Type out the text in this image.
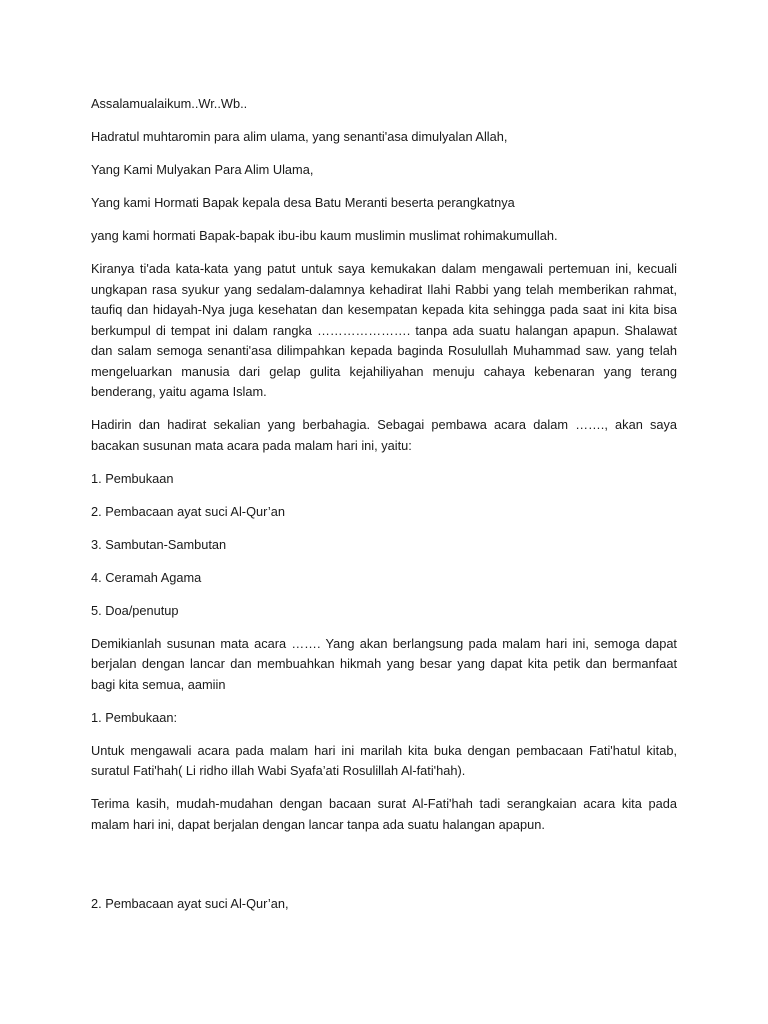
Assalamualaikum..Wr..Wb..

Hadratul muhtaromin para alim ulama, yang senanti'asa dimulyalan Allah,

Yang Kami Mulyakan Para Alim Ulama,

Yang kami Hormati Bapak kepala desa Batu Meranti beserta perangkatnya

yang kami hormati Bapak-bapak ibu-ibu kaum muslimin muslimat rohimakumullah.

Kiranya ti'ada kata-kata yang patut untuk saya kemukakan dalam mengawali pertemuan ini, kecuali ungkapan rasa syukur yang sedalam-dalamnya kehadirat Ilahi Rabbi yang telah memberikan rahmat, taufiq dan hidayah-Nya juga kesehatan dan kesempatan kepada kita sehingga pada saat ini kita bisa berkumpul di tempat ini dalam rangka …………………. tanpa ada suatu halangan apapun. Shalawat dan salam semoga senanti'asa dilimpahkan kepada baginda Rosulullah Muhammad saw. yang telah mengeluarkan manusia dari gelap gulita kejahiliyahan menuju cahaya kebenaran yang terang benderang, yaitu agama Islam.

Hadirin dan hadirat sekalian yang berbahagia. Sebagai pembawa acara dalam ……., akan saya bacakan susunan mata acara pada malam hari ini, yaitu:

1. Pembukaan

2. Pembacaan ayat suci Al-Qur’an

3. Sambutan-Sambutan

4. Ceramah Agama

5. Doa/penutup

Demikianlah susunan mata acara ……. Yang akan berlangsung pada malam hari ini, semoga dapat berjalan dengan lancar dan membuahkan hikmah yang besar yang dapat kita petik dan bermanfaat bagi kita semua, aamiin

1. Pembukaan:

Untuk mengawali acara pada malam hari ini marilah kita buka dengan pembacaan Fati'hatul kitab, suratul Fati'hah( Li ridho illah Wabi Syafa’ati Rosulillah Al-fati'hah).

Terima kasih, mudah-mudahan dengan bacaan surat Al-Fati'hah tadi serangkaian acara kita pada malam hari ini, dapat berjalan dengan lancar tanpa ada suatu halangan apapun.

2. Pembacaan ayat suci Al-Qur’an,
